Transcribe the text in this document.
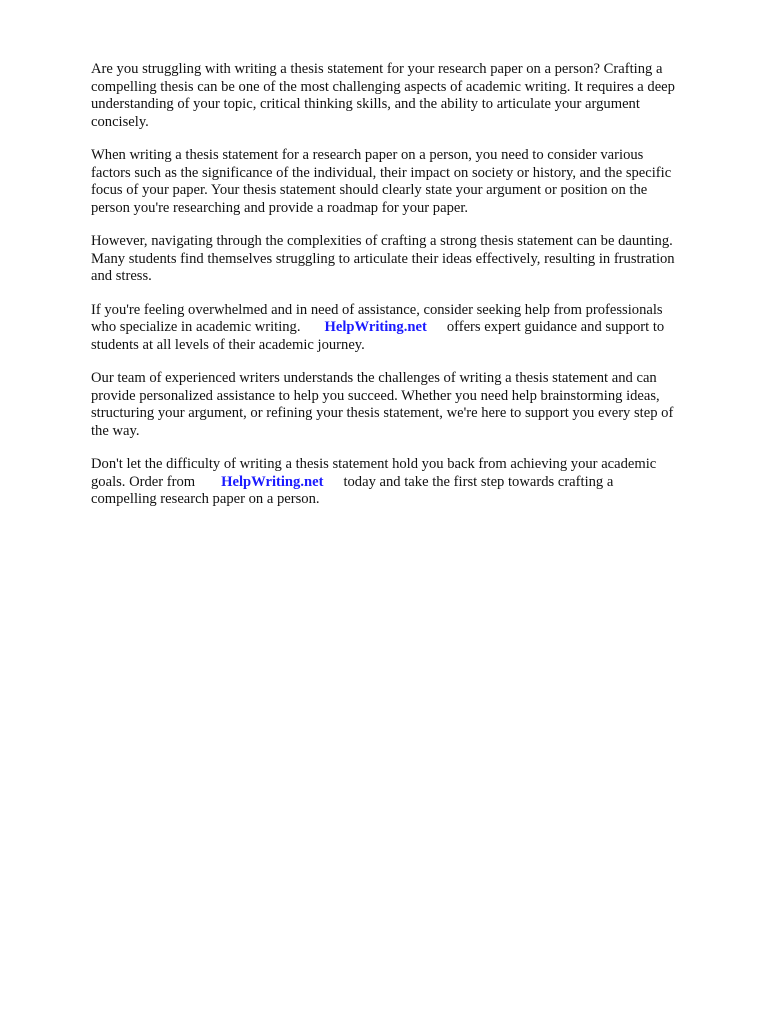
Are you struggling with writing a thesis statement for your research paper on a person? Crafting a
compelling thesis can be one of the most challenging aspects of academic writing. It requires a deep
understanding of your topic, critical thinking skills, and the ability to articulate your argument
concisely.

When writing a thesis statement for a research paper on a person, you need to consider various
factors such as the significance of the individual, their impact on society or history, and the specific
focus of your paper. Your thesis statement should clearly state your argument or position on the
person you're researching and provide a roadmap for your paper.

However, navigating through the complexities of crafting a strong thesis statement can be daunting.
Many students find themselves struggling to articulate their ideas effectively, resulting in frustration
and stress.

If you're feeling overwhelmed and in need of assistance, consider seeking help from professionals
who specialize in academic writing. HelpWriting.net offers expert guidance and support to
students at all levels of their academic journey.

Our team of experienced writers understands the challenges of writing a thesis statement and can
provide personalized assistance to help you succeed. Whether you need help brainstorming ideas,
structuring your argument, or refining your thesis statement, we're here to support you every step of
the way.

Don't let the difficulty of writing a thesis statement hold you back from achieving your academic
goals. Order from HelpWriting.net today and take the first step towards crafting a
compelling research paper on a person.
